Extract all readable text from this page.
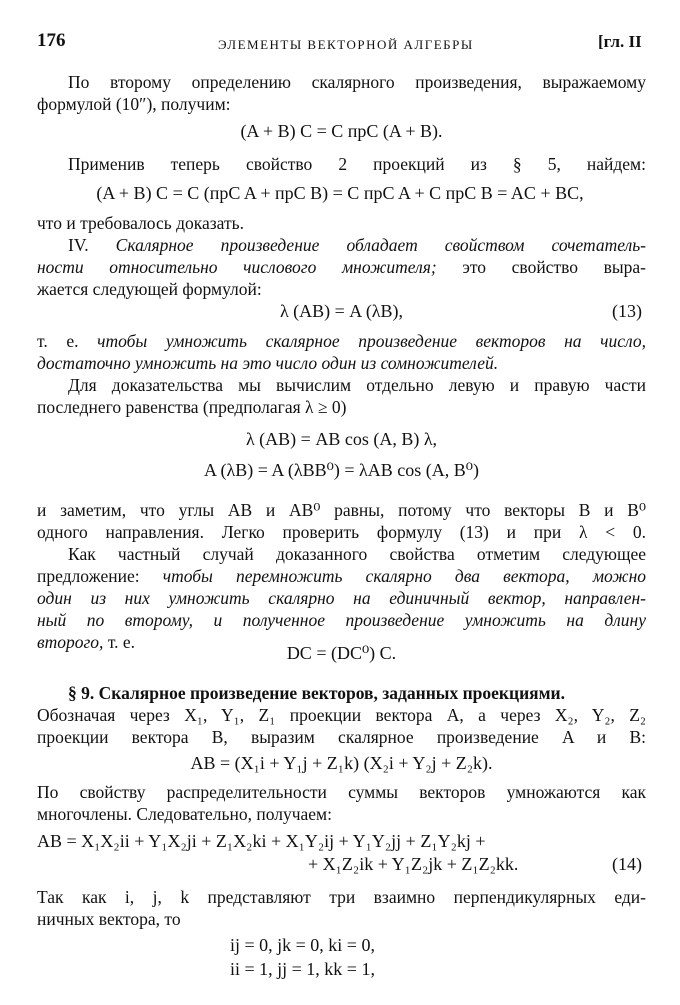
176	ЭЛЕМЕНТЫ ВЕКТОРНОЙ АЛГЕБРЫ	[гл. II
По второму определению скалярного произведения, выражаемому
формулой (10″), получим:
(A + B) C = C прC (A + B).
Применив теперь свойство 2 проекций из § 5, найдем:
(A + B) C = C (прC A + прC B) = C прC A + C прC B = AC + BC,
что и требовалось доказать.
IV. Скалярное произведение обладает свойством сочетатель-
ности относительно числового множителя; это свойство выра-
жается следующей формулой:
λ (AB) = A (λB),	(13)
т. е. чтобы умножить скалярное произведение векторов на число,
достаточно умножить на это число один из сомножителей.
Для доказательства мы вычислим отдельно левую и правую части
последнего равенства (предполагая λ ≥ 0)
λ (AB) = AB cos (A, B) λ,
A (λB) = A (λBB⁰) = λAB cos (A, B⁰)
и заметим, что углы AB и AB⁰ равны, потому что векторы B и B⁰
одного направления. Легко проверить формулу (13) и при λ < 0.
Как частный случай доказанного свойства отметим следующее
предложение: чтобы перемножить скалярно два вектора, можно
один из них умножить скалярно на единичный вектор, направлен-
ный по второму, и полученное произведение умножить на длину
второго, т. е.
DC = (DC⁰) C.
§ 9. Скалярное произведение векторов, заданных проекциями.
Обозначая через X₁, Y₁, Z₁ проекции вектора A, а через X₂, Y₂, Z₂
проекции вектора B, выразим скалярное произведение A и B:
AB = (X₁i + Y₁j + Z₁k) (X₂i + Y₂j + Z₂k).
По свойству распределительности суммы векторов умножаются как
многочлены. Следовательно, получаем:
AB = X₁X₂ii + Y₁X₂ji + Z₁X₂ki + X₁Y₂ij + Y₁Y₂jj + Z₁Y₂kj +
+ X₁Z₂ik + Y₁Z₂jk + Z₁Z₂kk.	(14)
Так как i, j, k представляют три взаимно перпендикулярных еди-
ничных вектора, то
ij = 0, jk = 0, ki = 0,
ii = 1, jj = 1, kk = 1,
